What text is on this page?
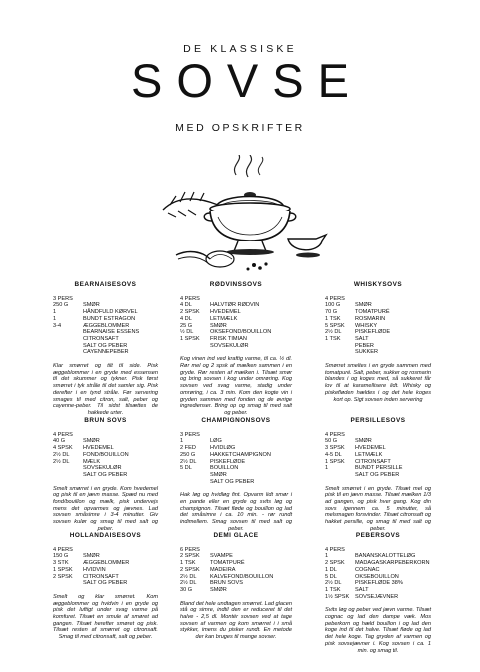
DE KLASSISKE
SOVSE
MED OPSKRIFTER
BEARNAISESOVS
3 PERS
250 G	SMØR
1	HÅNDFULD KØRVEL
1	BUNDT ESTRAGON
3-4	ÆGGEBLOMMER
BEARNAISE ESSENS
CITRONSAFT
SALT OG PEBER
CAYENNEPEBER
Klar smørret og tilt til side. Pisk æggeblommer i en gryde med essensen til det skummer og tykner. Pisk først smørret i tyk stråle til det samler sig. Pisk derefter i en tynd stråle. Før servering smages til med citron, salt, peber og cayenne-peber. Til sidst tilsættes de hakkede urter.
RØDVINSSOVS
4 PERS
4 DL	HALVTØR RØDVIN
2 SPSK	HVEDEMEL
4 DL	LETMÆLK
25 G	SMØR
½ DL	OKSEFOND/BOUILLON
1 SPSK	FRISK TIMIAN
SOVSEKULØR
Kog vinen ind ved kraftig varme, til ca. ½ dl. Rør mel og 2 spsk af mælken sammen i en gryde. Rør resten af mælken i. Tilsæt smør og bring sovsen i kog under omrøring. Kog sovsen ved svag varme, stadig under omrøring, i ca. 3 min. Kom den kogte vin i gryden sammen med fonden og de øvrige ingredienser. Bring op og smag til med salt og peber.
WHISKYSOVS
4 PERS
100 G	SMØR
70 G	TOMATPURÉ
1 TSK	ROSMARIN
5 SPSK	WHISKY
2½ DL	PISKEFLØDE
1 TSK	SALT
PEBER
SUKKER
Smørret smeltes i en gryde sammen med tomatpuré. Salt, peber, sukker og rosmarin blandes i og koges med, så sukkeret får lov til at karamellisere lidt. Whisky og piskefløden hældes i og det hele koges kort op. Sigt sovsen inden servering
BRUN SOVS
4 PERS
40 G	SMØR
4 SPSK	HVEDEMEL
2½ DL	FOND/BOUILLON
2½ DL	MÆLK
SOVSEKULØR
SALT OG PEBER
Smelt smørret i en gryde. Kom hvedemel og pisk til en jævn masse. Spæd nu med fond/bouillon og mælk, pisk undervejs mens det opvarmes og jævnes. Lad sovsen småsimre i 3-4 minutter. Giv sovsen kulør og smag til med salt og peber.
CHAMPIGNONSOVS
3 PERS
1	LØG
2 FED	HVIDLØG
250 G	HAKKETCHAMPIGNON
2½ DL	PISKEFLØDE
5 DL	BOUILLON
SMØR
SALT OG PEBER
Hak løg og hvidløg fint. Opvarm lidt smør i en pande eller en gryde og svits løg og champignon. Tilsæt fløde og bouillon og lad det småsimre i ca. 10 min. - rør rundt indimellem. Smag sovsen til med salt og peber.
PERSILLESOVS
4 PERS
50 G	SMØR
3 SPSK	HVEDEMEL
4-5 DL	LETMÆLK
1 SPSK	CITRONSAFT
1	BUNDT PERSILLE
SALT OG PEBER
Smelt smørret i en gryde. Tilsæt mel og pisk til en jævn masse. Tilsæt mælken 1/3 ad gangen, og pisk hver gang. Kog din sovs igennem ca. 5 minutter, så melsmagen forsvinder. Tilsæt citronsaft og hakket persille, og smag til med salt og peber.
HOLLANDAISESOVS
4 PERS
150 G	SMØR
3 STK	ÆGGEBLOMMER
1 SPSK	HVIDVIN
2 SPSK	CITRONSAFT
SALT OG PEBER
Smelt og klar smørret. Kom æggeblommer og hvidvin i en gryde og pisk det luftigt under svag varme på komfuret. Tilsæt en smule af smøret ad gangen. Tilsæt herefter smøret og pisk. Tilsæt resten af smørret og citronsaft. Smag til med citronsaft, salt og peber.
DEMI GLACE
6 PERS
2 SPSK	SVAMPE
1 TSK	TOMATPURÉ
2 SPSK	MADEIRA
2½ DL	KALVEFOND/BOUILLON
2½ DL	BRUN SOVS
30 G	SMØR
Bland det hele undtagen smørret. Lad glacen stå og simre, indtil den er reduceret til det halve - 2,5 dl. Montér sovsen ved at tage sovsen af varmen og kom smørret i i små stykker, imens du pisker rundt. En metode der kan bruges til mange sovser.
PEBERSOVS
4 PERS
1	BANANSKALOTTELØG
2 SPSK	MADAGASKARPEBERKORN
1 DL	COGNAC
5 DL	OKSEBOUILLON
2½ DL	PISKEFLØDE 38%
1 TSK	SALT
1½ SPSK	SOVSEJÆVNER
Svits løg og peber ved jævn varme. Tilsæt cognac og lad den dampe væk. Mos peberkorn og hæld bouillon i og lad den koge ind til det halve. Tilsæt fløde og lad det hele koge. Tag gryden af varmen og pisk sovsejævner i. Kog sovsen i ca. 1 min. og smag til.
